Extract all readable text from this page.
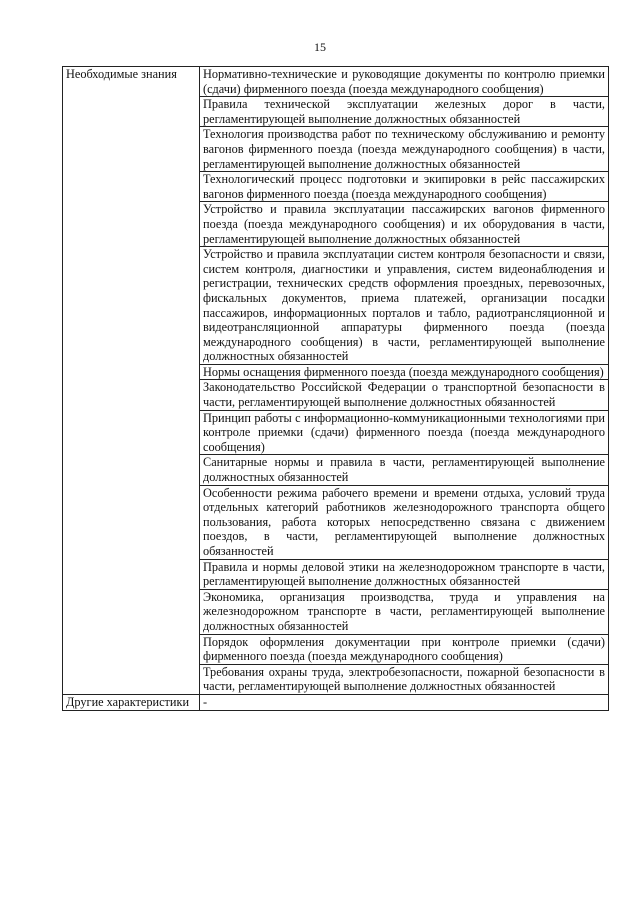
15
Необходимые знания	Нормативно-технические и руководящие документы по контролю приемки (сдачи) фирменного поезда (поезда международного сообщения)
	Правила технической эксплуатации железных дорог в части, регламентирующей выполнение должностных обязанностей
	Технология производства работ по техническому обслуживанию и ремонту вагонов фирменного поезда (поезда международного сообщения) в части, регламентирующей выполнение должностных обязанностей
	Технологический процесс подготовки и экипировки в рейс пассажирских вагонов фирменного поезда (поезда международного сообщения)
	Устройство и правила эксплуатации пассажирских вагонов фирменного поезда (поезда международного сообщения) и их оборудования в части, регламентирующей выполнение должностных обязанностей
	Устройство и правила эксплуатации систем контроля безопасности и связи, систем контроля, диагностики и управления, систем видеонаблюдения и регистрации, технических средств оформления проездных, перевозочных, фискальных документов, приема платежей, организации посадки пассажиров, информационных порталов и табло, радиотрансляционной и видеотрансляционной аппаратуры фирменного поезда (поезда международного сообщения) в части, регламентирующей выполнение должностных обязанностей
	Нормы оснащения фирменного поезда (поезда международного сообщения)
	Законодательство Российской Федерации о транспортной безопасности в части, регламентирующей выполнение должностных обязанностей
	Принцип работы с информационно-коммуникационными технологиями при контроле приемки (сдачи) фирменного поезда (поезда международного сообщения)
	Санитарные нормы и правила в части, регламентирующей выполнение должностных обязанностей
	Особенности режима рабочего времени и времени отдыха, условий труда отдельных категорий работников железнодорожного транспорта общего пользования, работа которых непосредственно связана с движением поездов, в части, регламентирующей выполнение должностных обязанностей
	Правила и нормы деловой этики на железнодорожном транспорте в части, регламентирующей выполнение должностных обязанностей
	Экономика, организация производства, труда и управления на железнодорожном транспорте в части, регламентирующей выполнение должностных обязанностей
	Порядок оформления документации при контроле приемки (сдачи) фирменного поезда (поезда международного сообщения)
	Требования охраны труда, электробезопасности, пожарной безопасности в части, регламентирующей выполнение должностных обязанностей
Другие характеристики	-
